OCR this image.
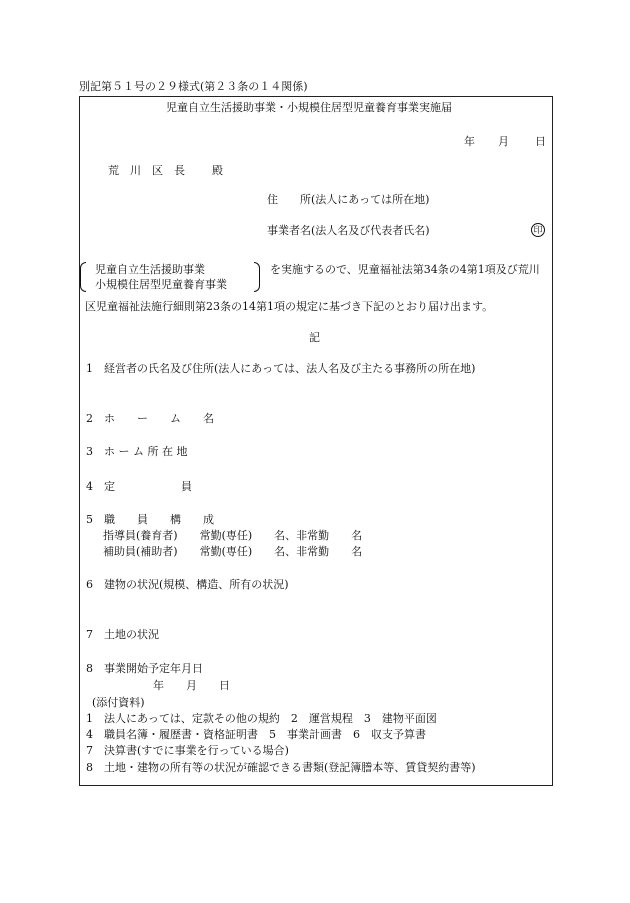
別記第５１号の２９様式(第２３条の１４関係)
児童自立生活援助事業・小規模住居型児童養育事業実施届
年 月 日
荒　川　区　長 殿
住　　所(法人にあっては所在地)
事業者名(法人名及び代表者氏名)	印
児童自立生活援助事業
小規模住居型児童養育事業
を実施するので、児童福祉法第34条の4第1項及び荒川
区児童福祉法施行細則第23条の14第1項の規定に基づき下記のとおり届け出ます。
記
1　経営者の氏名及び住所(法人にあっては、法人名及び主たる事務所の所在地)
2　ホ　　ー　　ム　　名
3　ホ ー ム 所 在 地
4　定　　　　　　員
5　職　　員　　構　　成
指導員(養育者)　　常勤(専任)　　名、非常勤　　名
補助員(補助者)　　常勤(専任)　　名、非常勤　　名
6　建物の状況(規模、構造、所有の状況)
7　土地の状況
8　事業開始予定年月日
年　　月　　日
(添付資料)
1　法人にあっては、定款その他の規約　2　運営規程　3　建物平面図
4　職員名簿・履歴書・資格証明書　5　事業計画書　6　収支予算書
7　決算書(すでに事業を行っている場合)
8　土地・建物の所有等の状況が確認できる書類(登記簿謄本等、賃貸契約書等)
